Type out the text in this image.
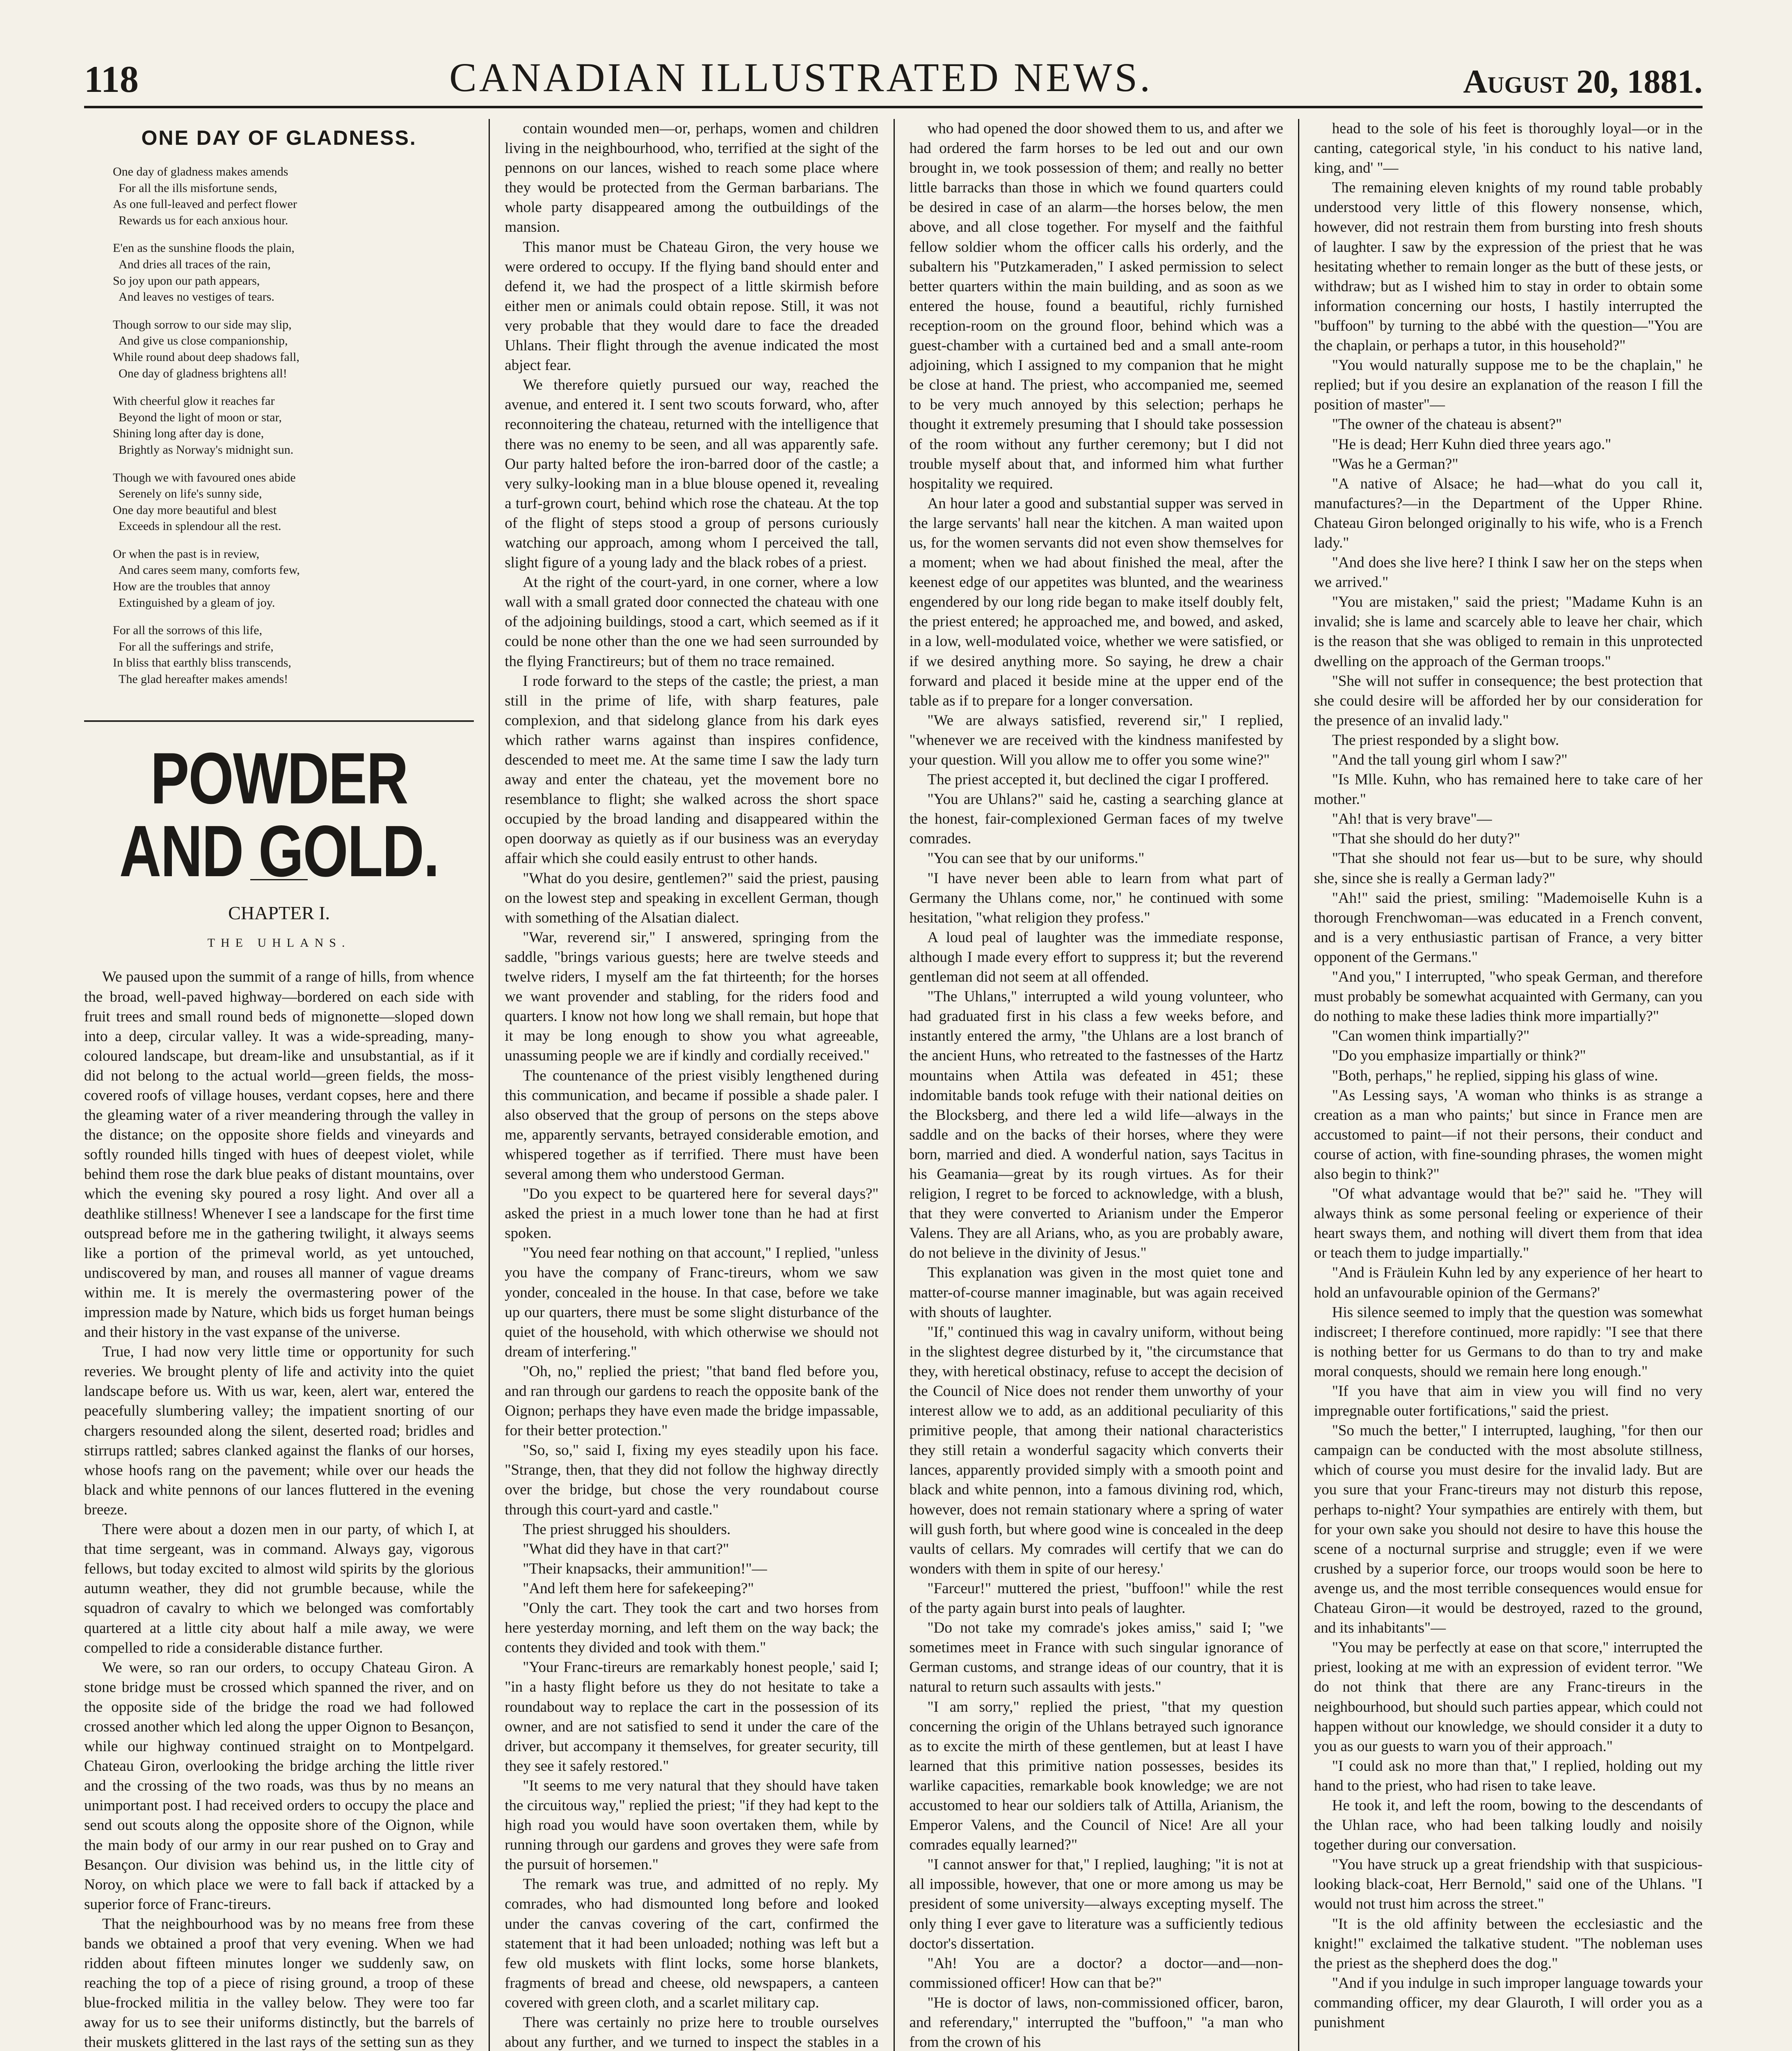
118	CANADIAN ILLUSTRATED NEWS.	August 20, 1881.
ONE DAY OF GLADNESS.
One day of gladness makes amends
For all the ills misfortune sends,
As one full-leaved and perfect flower
Rewards us for each anxious hour.
E'en as the sunshine floods the plain,
And dries all traces of the rain,
So joy upon our path appears,
And leaves no vestiges of tears.
Though sorrow to our side may slip,
And give us close companionship,
While round about deep shadows fall,
One day of gladness brightens all!
With cheerful glow it reaches far
Beyond the light of moon or star,
Shining long after day is done,
Brightly as Norway's midnight sun.
Though we with favoured ones abide
Serenely on life's sunny side,
One day more beautiful and blest
Exceeds in splendour all the rest.
Or when the past is in review,
And cares seem many, comforts few,
How are the troubles that annoy
Extinguished by a gleam of joy.
For all the sorrows of this life,
For all the sufferings and strife,
In bliss that earthly bliss transcends,
The glad hereafter makes amends!
POWDER AND GOLD.
CHAPTER I.
THE UHLANS.

We paused upon the summit of a range of hills, from whence the broad, well-paved highway—bordered on each side with fruit trees and small round beds of mignonette—sloped down into a deep, circular valley. It was a wide-spreading, many-coloured landscape, but dream-like and unsubstantial, as if it did not belong to the actual world—green fields, the moss-covered roofs of village houses, verdant copses, here and there the gleaming water of a river meandering through the valley in the distance; on the opposite shore fields and vineyards and softly rounded hills tinged with hues of deepest violet, while behind them rose the dark blue peaks of distant mountains, over which the evening sky poured a rosy light. And over all a deathlike stillness! Whenever I see a landscape for the first time outspread before me in the gathering twilight, it always seems like a portion of the primeval world, as yet untouched, undiscovered by man, and rouses all manner of vague dreams within me. It is merely the overmastering power of the impression made by Nature, which bids us forget human beings and their history in the vast expanse of the universe.

True, I had now very little time or opportunity for such reveries. We brought plenty of life and activity into the quiet landscape before us. With us war, keen, alert war, entered the peacefully slumbering valley; the impatient snorting of our chargers resounded along the silent, deserted road; bridles and stirrups rattled; sabres clanked against the flanks of our horses, whose hoofs rang on the pavement; while over our heads the black and white pennons of our lances fluttered in the evening breeze.

There were about a dozen men in our party, of which I, at that time sergeant, was in command. Always gay, vigorous fellows, but today excited to almost wild spirits by the glorious autumn weather, they did not grumble because, while the squadron of cavalry to which we belonged was comfortably quartered at a little city about half a mile away, we were compelled to ride a considerable distance further.

We were, so ran our orders, to occupy Chateau Giron. A stone bridge must be crossed which spanned the river, and on the opposite side of the bridge the road we had followed crossed another which led along the upper Oignon to Besançon, while our highway continued straight on to Montpelgard. Chateau Giron, overlooking the bridge arching the little river and the crossing of the two roads, was thus by no means an unimportant post. I had received orders to occupy the place and send out scouts along the opposite shore of the Oignon, while the main body of our army in our rear pushed on to Gray and Besançon. Our division was behind us, in the little city of Noroy, on which place we were to fall back if attacked by a superior force of Franc-tireurs.

That the neighbourhood was by no means free from these bands we obtained a proof that very evening. When we had ridden about fifteen minutes longer we suddenly saw, on reaching the top of a piece of rising ground, a troop of these blue-frocked militia in the valley below. They were too far away for us to see their uniforms distinctly, but the barrels of their muskets glittered in the last rays of the setting sun as they

contain wounded men—or, perhaps, women and children living in the neighbourhood, who, terrified at the sight of the pennons on our lances, wished to reach some place where they would be protected from the German barbarians. The whole party disappeared among the outbuildings of the mansion.

This manor must be Chateau Giron, the very house we were ordered to occupy. If the flying band should enter and defend it, we had the prospect of a little skirmish before either men or animals could obtain repose. Still, it was not very probable that they would dare to face the dreaded Uhlans. Their flight through the avenue indicated the most abject fear.

We therefore quietly pursued our way, reached the avenue, and entered it. I sent two scouts forward, who, after reconnoitering the chateau, returned with the intelligence that there was no enemy to be seen, and all was apparently safe. Our party halted before the iron-barred door of the castle; a very sulky-looking man in a blue blouse opened it, revealing a turf-grown court, behind which rose the chateau. At the top of the flight of steps stood a group of persons curiously watching our approach, among whom I perceived the tall, slight figure of a young lady and the black robes of a priest.

At the right of the court-yard, in one corner, where a low wall with a small grated door connected the chateau with one of the adjoining buildings, stood a cart, which seemed as if it could be none other than the one we had seen surrounded by the flying Franctireurs; but of them no trace remained.

I rode forward to the steps of the castle; the priest, a man still in the prime of life, with sharp features, pale complexion, and that sidelong glance from his dark eyes which rather warns against than inspires confidence, descended to meet me. At the same time I saw the lady turn away and enter the chateau, yet the movement bore no resemblance to flight; she walked across the short space occupied by the broad landing and disappeared within the open doorway as quietly as if our business was an everyday affair which she could easily entrust to other hands.

"What do you desire, gentlemen?" said the priest, pausing on the lowest step and speaking in excellent German, though with something of the Alsatian dialect.

"War, reverend sir," I answered, springing from the saddle, "brings various guests; here are twelve steeds and twelve riders, I myself am the fat thirteenth; for the horses we want provender and stabling, for the riders food and quarters. I know not how long we shall remain, but hope that it may be long enough to show you what agreeable, unassuming people we are if kindly and cordially received."

The countenance of the priest visibly lengthened during this communication, and became if possible a shade paler. I also observed that the group of persons on the steps above me, apparently servants, betrayed considerable emotion, and whispered together as if terrified. There must have been several among them who understood German.

"Do you expect to be quartered here for several days?" asked the priest in a much lower tone than he had at first spoken.

"You need fear nothing on that account," I replied, "unless you have the company of Franc-tireurs, whom we saw yonder, concealed in the house. In that case, before we take up our quarters, there must be some slight disturbance of the quiet of the household, with which otherwise we should not dream of interfering."

"Oh, no," replied the priest; "that band fled before you, and ran through our gardens to reach the opposite bank of the Oignon; perhaps they have even made the bridge impassable, for their better protection."

"So, so," said I, fixing my eyes steadily upon his face. "Strange, then, that they did not follow the highway directly over the bridge, but chose the very roundabout course through this court-yard and castle."

The priest shrugged his shoulders.

"What did they have in that cart?"

"Their knapsacks, their ammunition!"—

"And left them here for safekeeping?"

"Only the cart. They took the cart and two horses from here yesterday morning, and left them on the way back; the contents they divided and took with them."

"Your Franc-tireurs are remarkably honest people,' said I; "in a hasty flight before us they do not hesitate to take a roundabout way to replace the cart in the possession of its owner, and are not satisfied to send it under the care of the driver, but accompany it themselves, for greater security, till they see it safely restored."

"It seems to me very natural that they should have taken the circuitous way," replied the priest; "if they had kept to the high road you would have soon overtaken them, while by running through our gardens and groves they were safe from the pursuit of horsemen."

The remark was true, and admitted of no reply. My comrades, who had dismounted long before and looked under the canvas covering of the cart, confirmed the statement that it had been unloaded; nothing was left but a few old muskets with flint locks, some horse blankets, fragments of bread and cheese, old newspapers, a canteen covered with green cloth, and a scarlet military cap.

There was certainly no prize here to trouble ourselves about any further, and we turned to inspect the stables in a

who had opened the door showed them to us, and after we had ordered the farm horses to be led out and our own brought in, we took possession of them; and really no better little barracks than those in which we found quarters could be desired in case of an alarm—the horses below, the men above, and all close together. For myself and the faithful fellow soldier whom the officer calls his orderly, and the subaltern his "Putzkameraden," I asked permission to select better quarters within the main building, and as soon as we entered the house, found a beautiful, richly furnished reception-room on the ground floor, behind which was a guest-chamber with a curtained bed and a small ante-room adjoining, which I assigned to my companion that he might be close at hand. The priest, who accompanied me, seemed to be very much annoyed by this selection; perhaps he thought it extremely presuming that I should take possession of the room without any further ceremony; but I did not trouble myself about that, and informed him what further hospitality we required.

An hour later a good and substantial supper was served in the large servants' hall near the kitchen. A man waited upon us, for the women servants did not even show themselves for a moment; when we had about finished the meal, after the keenest edge of our appetites was blunted, and the weariness engendered by our long ride began to make itself doubly felt, the priest entered; he approached me, and bowed, and asked, in a low, well-modulated voice, whether we were satisfied, or if we desired anything more. So saying, he drew a chair forward and placed it beside mine at the upper end of the table as if to prepare for a longer conversation.

"We are always satisfied, reverend sir," I replied, "whenever we are received with the kindness manifested by your question. Will you allow me to offer you some wine?"

The priest accepted it, but declined the cigar I proffered.

"You are Uhlans?" said he, casting a searching glance at the honest, fair-complexioned German faces of my twelve comrades.

"You can see that by our uniforms."

"I have never been able to learn from what part of Germany the Uhlans come, nor," he continued with some hesitation, "what religion they profess."

A loud peal of laughter was the immediate response, although I made every effort to suppress it; but the reverend gentleman did not seem at all offended.

"The Uhlans," interrupted a wild young volunteer, who had graduated first in his class a few weeks before, and instantly entered the army, "the Uhlans are a lost branch of the ancient Huns, who retreated to the fastnesses of the Hartz mountains when Attila was defeated in 451; these indomitable bands took refuge with their national deities on the Blocksberg, and there led a wild life—always in the saddle and on the backs of their horses, where they were born, married and died. A wonderful nation, says Tacitus in his Geamania—great by its rough virtues. As for their religion, I regret to be forced to acknowledge, with a blush, that they were converted to Arianism under the Emperor Valens. They are all Arians, who, as you are probably aware, do not believe in the divinity of Jesus."

This explanation was given in the most quiet tone and matter-of-course manner imaginable, but was again received with shouts of laughter.

"If," continued this wag in cavalry uniform, without being in the slightest degree disturbed by it, "the circumstance that they, with heretical obstinacy, refuse to accept the decision of the Council of Nice does not render them unworthy of your interest allow we to add, as an additional peculiarity of this primitive people, that among their national characteristics they still retain a wonderful sagacity which converts their lances, apparently provided simply with a smooth point and black and white pennon, into a famous divining rod, which, however, does not remain stationary where a spring of water will gush forth, but where good wine is concealed in the deep vaults of cellars. My comrades will certify that we can do wonders with them in spite of our heresy.'

"Farceur!" muttered the priest, "buffoon!" while the rest of the party again burst into peals of laughter.

"Do not take my comrade's jokes amiss," said I; "we sometimes meet in France with such singular ignorance of German customs, and strange ideas of our country, that it is natural to return such assaults with jests."

"I am sorry," replied the priest, "that my question concerning the origin of the Uhlans betrayed such ignorance as to excite the mirth of these gentlemen, but at least I have learned that this primitive nation possesses, besides its warlike capacities, remarkable book knowledge; we are not accustomed to hear our soldiers talk of Attilla, Arianism, the Emperor Valens, and the Council of Nice! Are all your comrades equally learned?"

"I cannot answer for that," I replied, laughing; "it is not at all impossible, however, that one or more among us may be president of some university—always excepting myself. The only thing I ever gave to literature was a sufficiently tedious doctor's dissertation.

"Ah! You are a doctor? a doctor—and—non-commissioned officer! How can that be?"

"He is doctor of laws, non-commissioned officer, baron, and referendary," interrupted the "buffoon," "a man who from the crown of his

head to the sole of his feet is thoroughly loyal—or in the canting, categorical style, 'in his conduct to his native land, king, and' "—

The remaining eleven knights of my round table probably understood very little of this flowery nonsense, which, however, did not restrain them from bursting into fresh shouts of laughter. I saw by the expression of the priest that he was hesitating whether to remain longer as the butt of these jests, or withdraw; but as I wished him to stay in order to obtain some information concerning our hosts, I hastily interrupted the "buffoon" by turning to the abbé with the question—"You are the chaplain, or perhaps a tutor, in this household?"

"You would naturally suppose me to be the chaplain," he replied; but if you desire an explanation of the reason I fill the position of master"—

"The owner of the chateau is absent?"

"He is dead; Herr Kuhn died three years ago."

"Was he a German?"

"A native of Alsace; he had—what do you call it, manufactures?—in the Department of the Upper Rhine. Chateau Giron belonged originally to his wife, who is a French lady."

"And does she live here? I think I saw her on the steps when we arrived."

"You are mistaken," said the priest; "Madame Kuhn is an invalid; she is lame and scarcely able to leave her chair, which is the reason that she was obliged to remain in this unprotected dwelling on the approach of the German troops."

"She will not suffer in consequence; the best protection that she could desire will be afforded her by our consideration for the presence of an invalid lady."

The priest responded by a slight bow.

"And the tall young girl whom I saw?"

"Is Mlle. Kuhn, who has remained here to take care of her mother."

"Ah! that is very brave"—

"That she should do her duty?"

"That she should not fear us—but to be sure, why should she, since she is really a German lady?"

"Ah!" said the priest, smiling: "Mademoiselle Kuhn is a thorough Frenchwoman—was educated in a French convent, and is a very enthusiastic partisan of France, a very bitter opponent of the Germans."

"And you," I interrupted, "who speak German, and therefore must probably be somewhat acquainted with Germany, can you do nothing to make these ladies think more impartially?"

"Can women think impartially?"

"Do you emphasize impartially or think?"

"Both, perhaps," he replied, sipping his glass of wine.

"As Lessing says, 'A woman who thinks is as strange a creation as a man who paints;' but since in France men are accustomed to paint—if not their persons, their conduct and course of action, with fine-sounding phrases, the women might also begin to think?"

"Of what advantage would that be?" said he. "They will always think as some personal feeling or experience of their heart sways them, and nothing will divert them from that idea or teach them to judge impartially."

"And is Fräulein Kuhn led by any experience of her heart to hold an unfavourable opinion of the Germans?'

His silence seemed to imply that the question was somewhat indiscreet; I therefore continued, more rapidly: "I see that there is nothing better for us Germans to do than to try and make moral conquests, should we remain here long enough."

"If you have that aim in view you will find no very impregnable outer fortifications," said the priest.

"So much the better," I interrupted, laughing, "for then our campaign can be conducted with the most absolute stillness, which of course you must desire for the invalid lady. But are you sure that your Franc-tireurs may not disturb this repose, perhaps to-night? Your sympathies are entirely with them, but for your own sake you should not desire to have this house the scene of a nocturnal surprise and struggle; even if we were crushed by a superior force, our troops would soon be here to avenge us, and the most terrible consequences would ensue for Chateau Giron—it would be destroyed, razed to the ground, and its inhabitants"—

"You may be perfectly at ease on that score," interrupted the priest, looking at me with an expression of evident terror. "We do not think that there are any Franc-tireurs in the neighbourhood, but should such parties appear, which could not happen without our knowledge, we should consider it a duty to you as our guests to warn you of their approach."

"I could ask no more than that," I replied, holding out my hand to the priest, who had risen to take leave.

He took it, and left the room, bowing to the descendants of the Uhlan race, who had been talking loudly and noisily together during our conversation.

"You have struck up a great friendship with that suspicious-looking black-coat, Herr Bernold," said one of the Uhlans. "I would not trust him across the street."

"It is the old affinity between the ecclesiastic and the knight!" exclaimed the talkative student. "The nobleman uses the priest as the shepherd does the dog."

"And if you indulge in such improper language towards your commanding officer, my dear Glauroth, I will order you as a punishment
